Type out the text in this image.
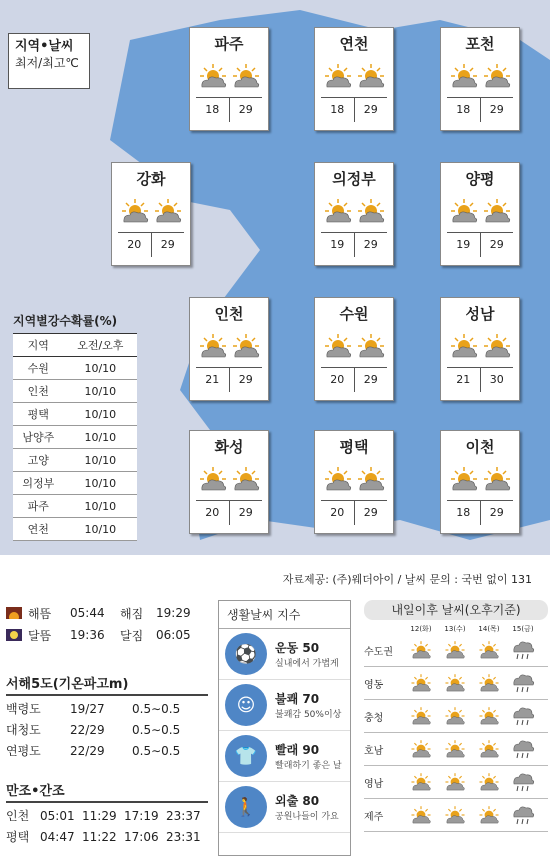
지역•날씨
최저/최고℃
파주
18	29
연천
18	29
포천
18	29
강화
20	29
의정부
19	29
양평
19	29
인천
21	29
수원
20	29
성남
21	30
화성
20	29
평택
20	29
이천
18	29
지역별강수확률(%)
지역	오전/오후
수원	10/10
인천	10/10
평택	10/10
남양주	10/10
고양	10/10
의정부	10/10
파주	10/10
연천	10/10
자료제공: (주)웨더아이 / 날씨 문의 : 국번 없이 131
해뜸	05:44	해짐	19:29
달뜸	19:36	달짐	06:05
서해5도(기온파고m)
백령도	19/27	0.5∼0.5
대청도	22/29	0.5∼0.5
연평도	22/29	0.5∼0.5
만조•간조
인천 05:01 11:29 17:19 23:37
평택 04:47 11:22 17:06 23:31
생활날씨 지수
⚽	운동 50
실내에서 가볍게
☺	불쾌 70
불쾌감 50%이상
👕	빨래 90
빨래하기 좋은 날
🚶	외출 80
공원나들이 가요
내일이후 날씨(오후기준)
12(화)	13(수)	14(목)	15(금)
수도권
영동
충청
호남
영남
제주
